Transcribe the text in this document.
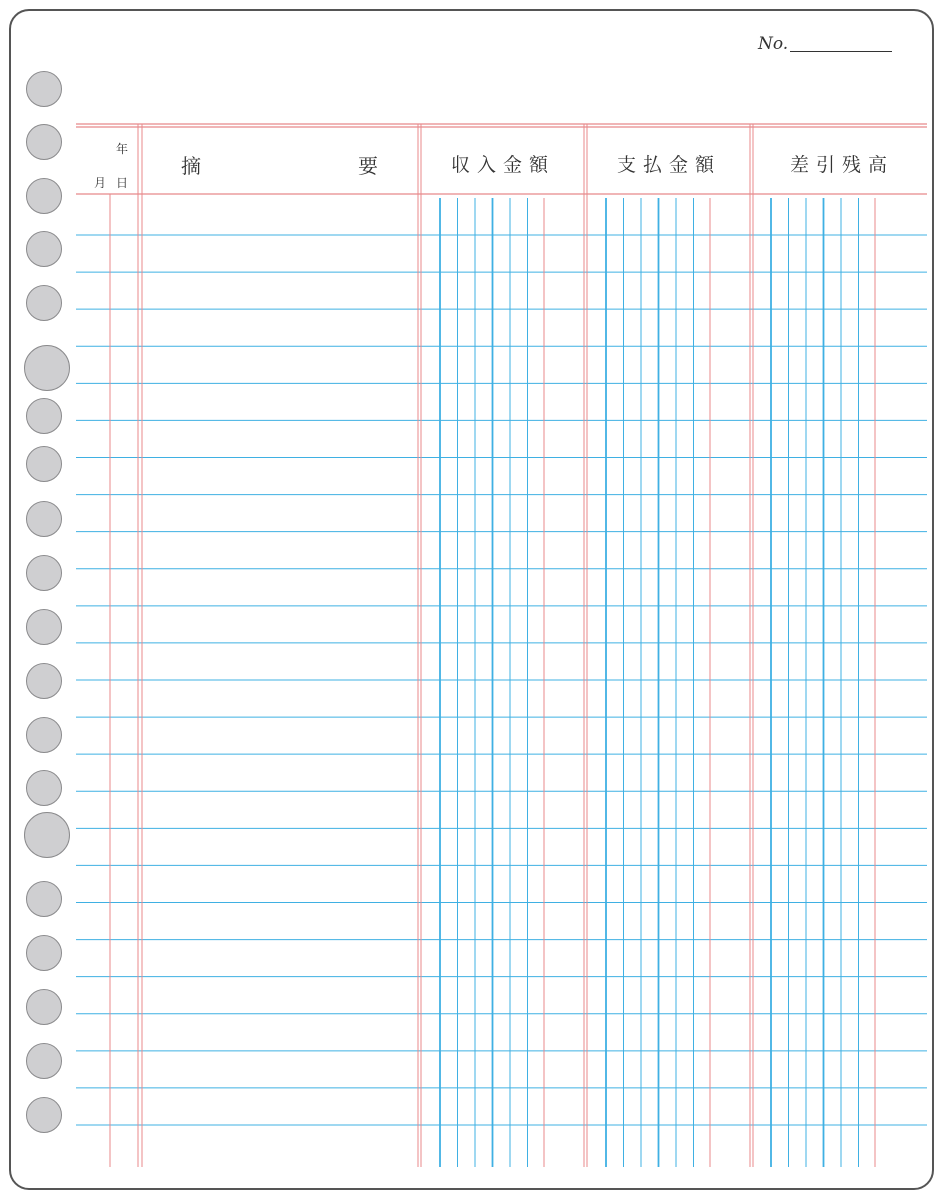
No.
年
月日
摘	要	収入金額	支払金額	差引残高
